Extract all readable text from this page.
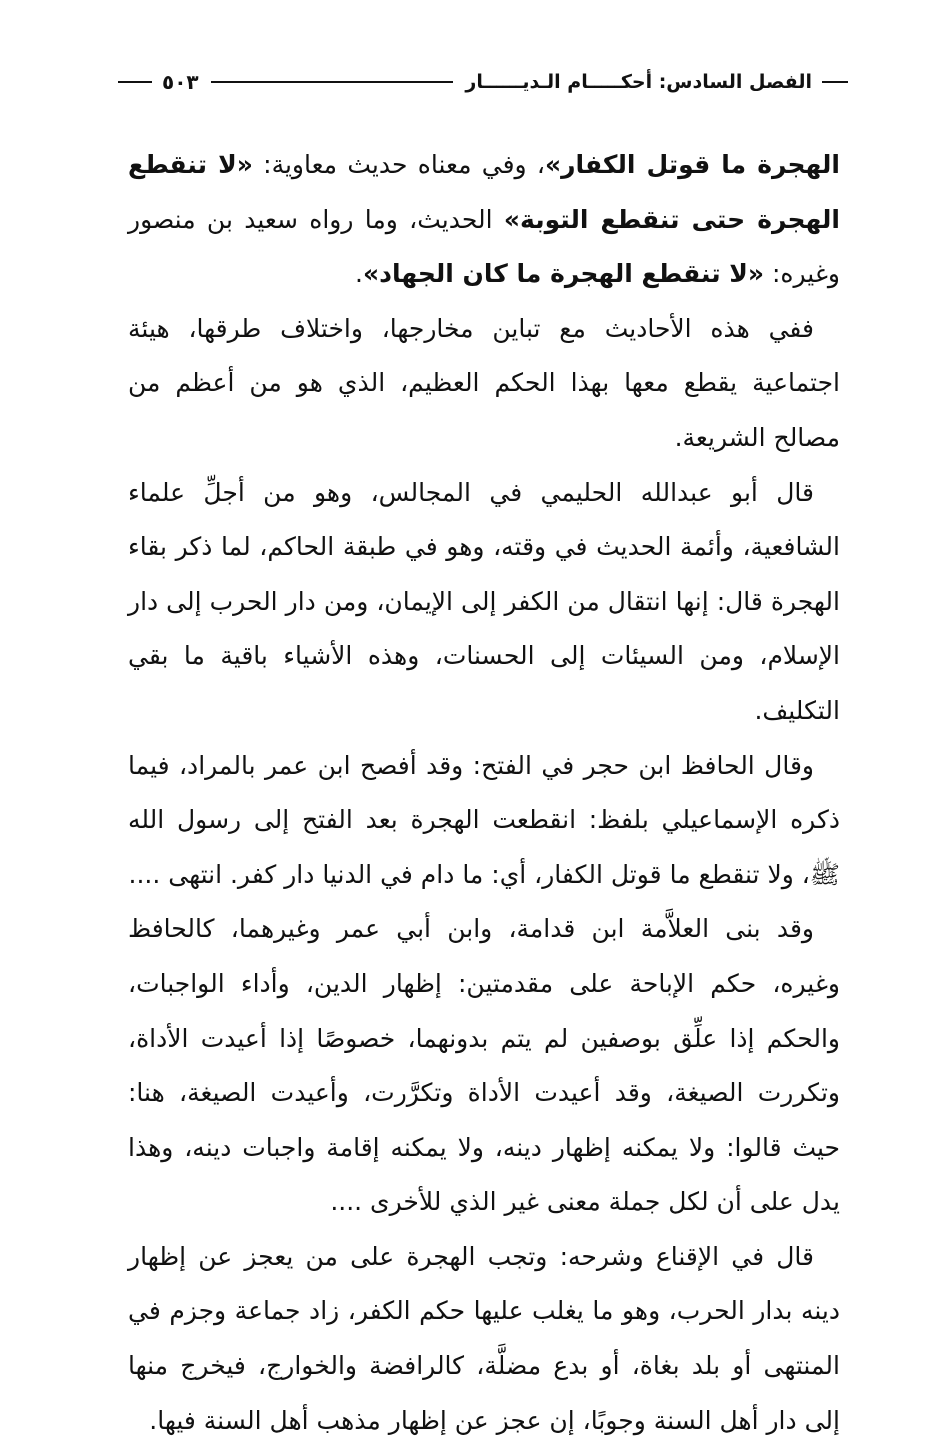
الفصل السادس: أحكـــــام الـديــــــار
٥٠٣

الهجرة ما قوتل الكفار»، وفي معناه حديث معاوية: «لا تنقطع الهجرة حتى تنقطع التوبة» الحديث، وما رواه سعيد بن منصور وغيره: «لا تنقطع الهجرة ما كان الجهاد».

ففي هذه الأحاديث مع تباين مخارجها، واختلاف طرقها، هيئة اجتماعية يقطع معها بهذا الحكم العظيم، الذي هو من أعظم من مصالح الشريعة.

قال أبو عبدالله الحليمي في المجالس، وهو من أجلِّ علماء الشافعية، وأئمة الحديث في وقته، وهو في طبقة الحاكم، لما ذكر بقاء الهجرة قال: إنها انتقال من الكفر إلى الإيمان، ومن دار الحرب إلى دار الإسلام، ومن السيئات إلى الحسنات، وهذه الأشياء باقية ما بقي التكليف.

وقال الحافظ ابن حجر في الفتح: وقد أفصح ابن عمر بالمراد، فيما ذكره الإسماعيلي بلفظ: انقطعت الهجرة بعد الفتح إلى رسول الله ﷺ، ولا تنقطع ما قوتل الكفار، أي: ما دام في الدنيا دار كفر. انتهى ....

وقد بنى العلاَّمة ابن قدامة، وابن أبي عمر وغيرهما، كالحافظ وغيره، حكم الإباحة على مقدمتين: إظهار الدين، وأداء الواجبات، والحكم إذا علِّق بوصفين لم يتم بدونهما، خصوصًا إذا أعيدت الأداة، وتكررت الصيغة، وقد أعيدت الأداة وتكرَّرت، وأعيدت الصيغة، هنا: حيث قالوا: ولا يمكنه إظهار دينه، ولا يمكنه إقامة واجبات دينه، وهذا يدل على أن لكل جملة معنى غير الذي للأخرى ....

قال في الإقناع وشرحه: وتجب الهجرة على من يعجز عن إظهار دينه بدار الحرب، وهو ما يغلب عليها حكم الكفر، زاد جماعة وجزم في المنتهى أو بلد بغاة، أو بدع مضلَّة، كالرافضة والخوارج، فيخرج منها إلى دار أهل السنة وجوبًا، إن عجز عن إظهار مذهب أهل السنة فيها.
